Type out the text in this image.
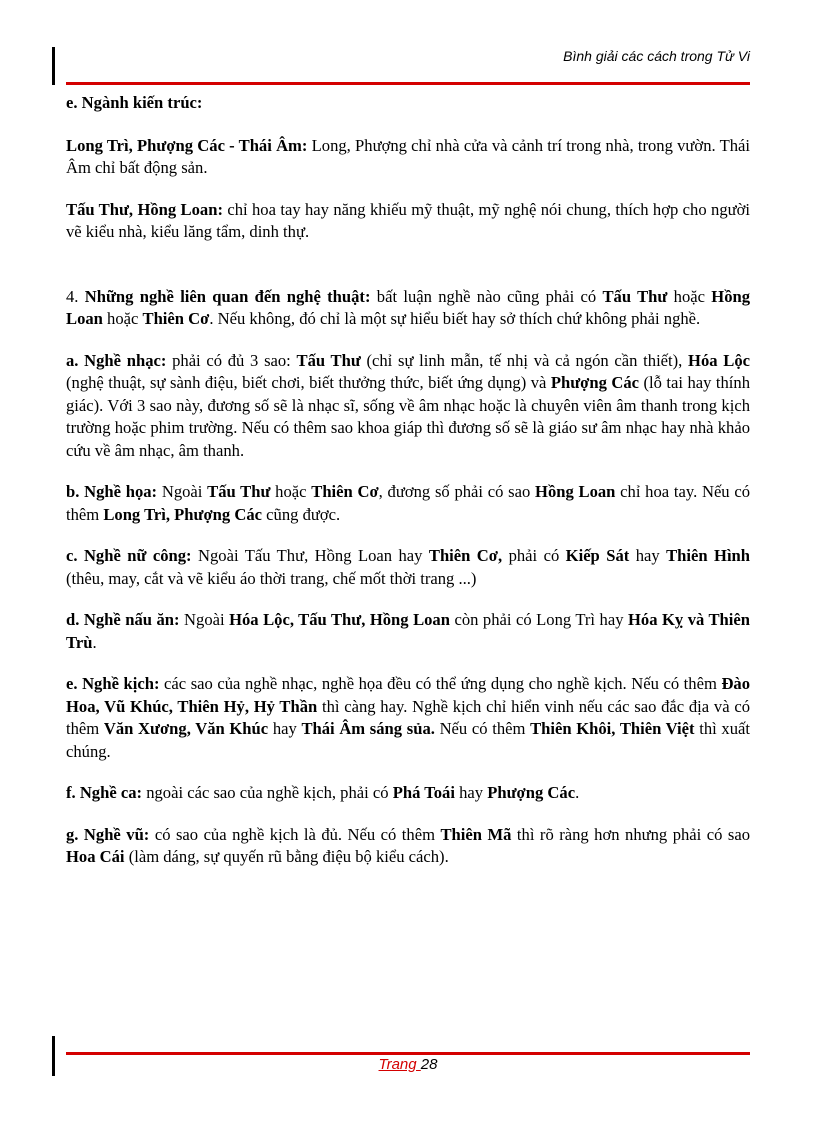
Bình giải các cách trong Tử Vi

e. Ngành kiến trúc:

Long Trì, Phượng Các - Thái Âm: Long, Phượng chỉ nhà cửa và cảnh trí trong nhà, trong vườn. Thái Âm chỉ bất động sản.

Tấu Thư, Hồng Loan: chỉ hoa tay hay năng khiếu mỹ thuật, mỹ nghệ nói chung, thích hợp cho người vẽ kiểu nhà, kiểu lăng tẩm, dinh thự.

4. Những nghề liên quan đến nghệ thuật: bất luận nghề nào cũng phải có Tấu Thư hoặc Hồng Loan hoặc Thiên Cơ. Nếu không, đó chỉ là một sự hiểu biết hay sở thích chứ không phải nghề.

a. Nghề nhạc: phải có đủ 3 sao: Tấu Thư (chỉ sự linh mẫn, tế nhị và cả ngón cần thiết), Hóa Lộc (nghệ thuật, sự sành điệu, biết chơi, biết thưởng thức, biết ứng dụng) và Phượng Các (lỗ tai hay thính giác). Với 3 sao này, đương số sẽ là nhạc sĩ, sống về âm nhạc hoặc là chuyên viên âm thanh trong kịch trường hoặc phim trường. Nếu có thêm sao khoa giáp thì đương số sẽ là giáo sư âm nhạc hay nhà khảo cứu về âm nhạc, âm thanh.

b. Nghề họa: Ngoài Tấu Thư hoặc Thiên Cơ, đương số phải có sao Hồng Loan chỉ hoa tay. Nếu có thêm Long Trì, Phượng Các cũng được.

c. Nghề nữ công: Ngoài Tấu Thư, Hồng Loan hay Thiên Cơ, phải có Kiếp Sát hay Thiên Hình (thêu, may, cắt và vẽ kiểu áo thời trang, chế mốt thời trang ...)

d. Nghề nấu ăn: Ngoài Hóa Lộc, Tấu Thư, Hồng Loan còn phải có Long Trì hay Hóa Kỵ và Thiên Trù.

e. Nghề kịch: các sao của nghề nhạc, nghề họa đều có thể ứng dụng cho nghề kịch. Nếu có thêm Đào Hoa, Vũ Khúc, Thiên Hỷ, Hỷ Thần thì càng hay. Nghề kịch chỉ hiển vinh nếu các sao đắc địa và có thêm Văn Xương, Văn Khúc hay Thái Âm sáng sủa. Nếu có thêm Thiên Khôi, Thiên Việt thì xuất chúng.

f. Nghề ca: ngoài các sao của nghề kịch, phải có Phá Toái hay Phượng Các.

g. Nghề vũ: có sao của nghề kịch là đủ. Nếu có thêm Thiên Mã thì rõ ràng hơn nhưng phải có sao Hoa Cái (làm dáng, sự quyến rũ bằng điệu bộ kiểu cách).

Trang 28
